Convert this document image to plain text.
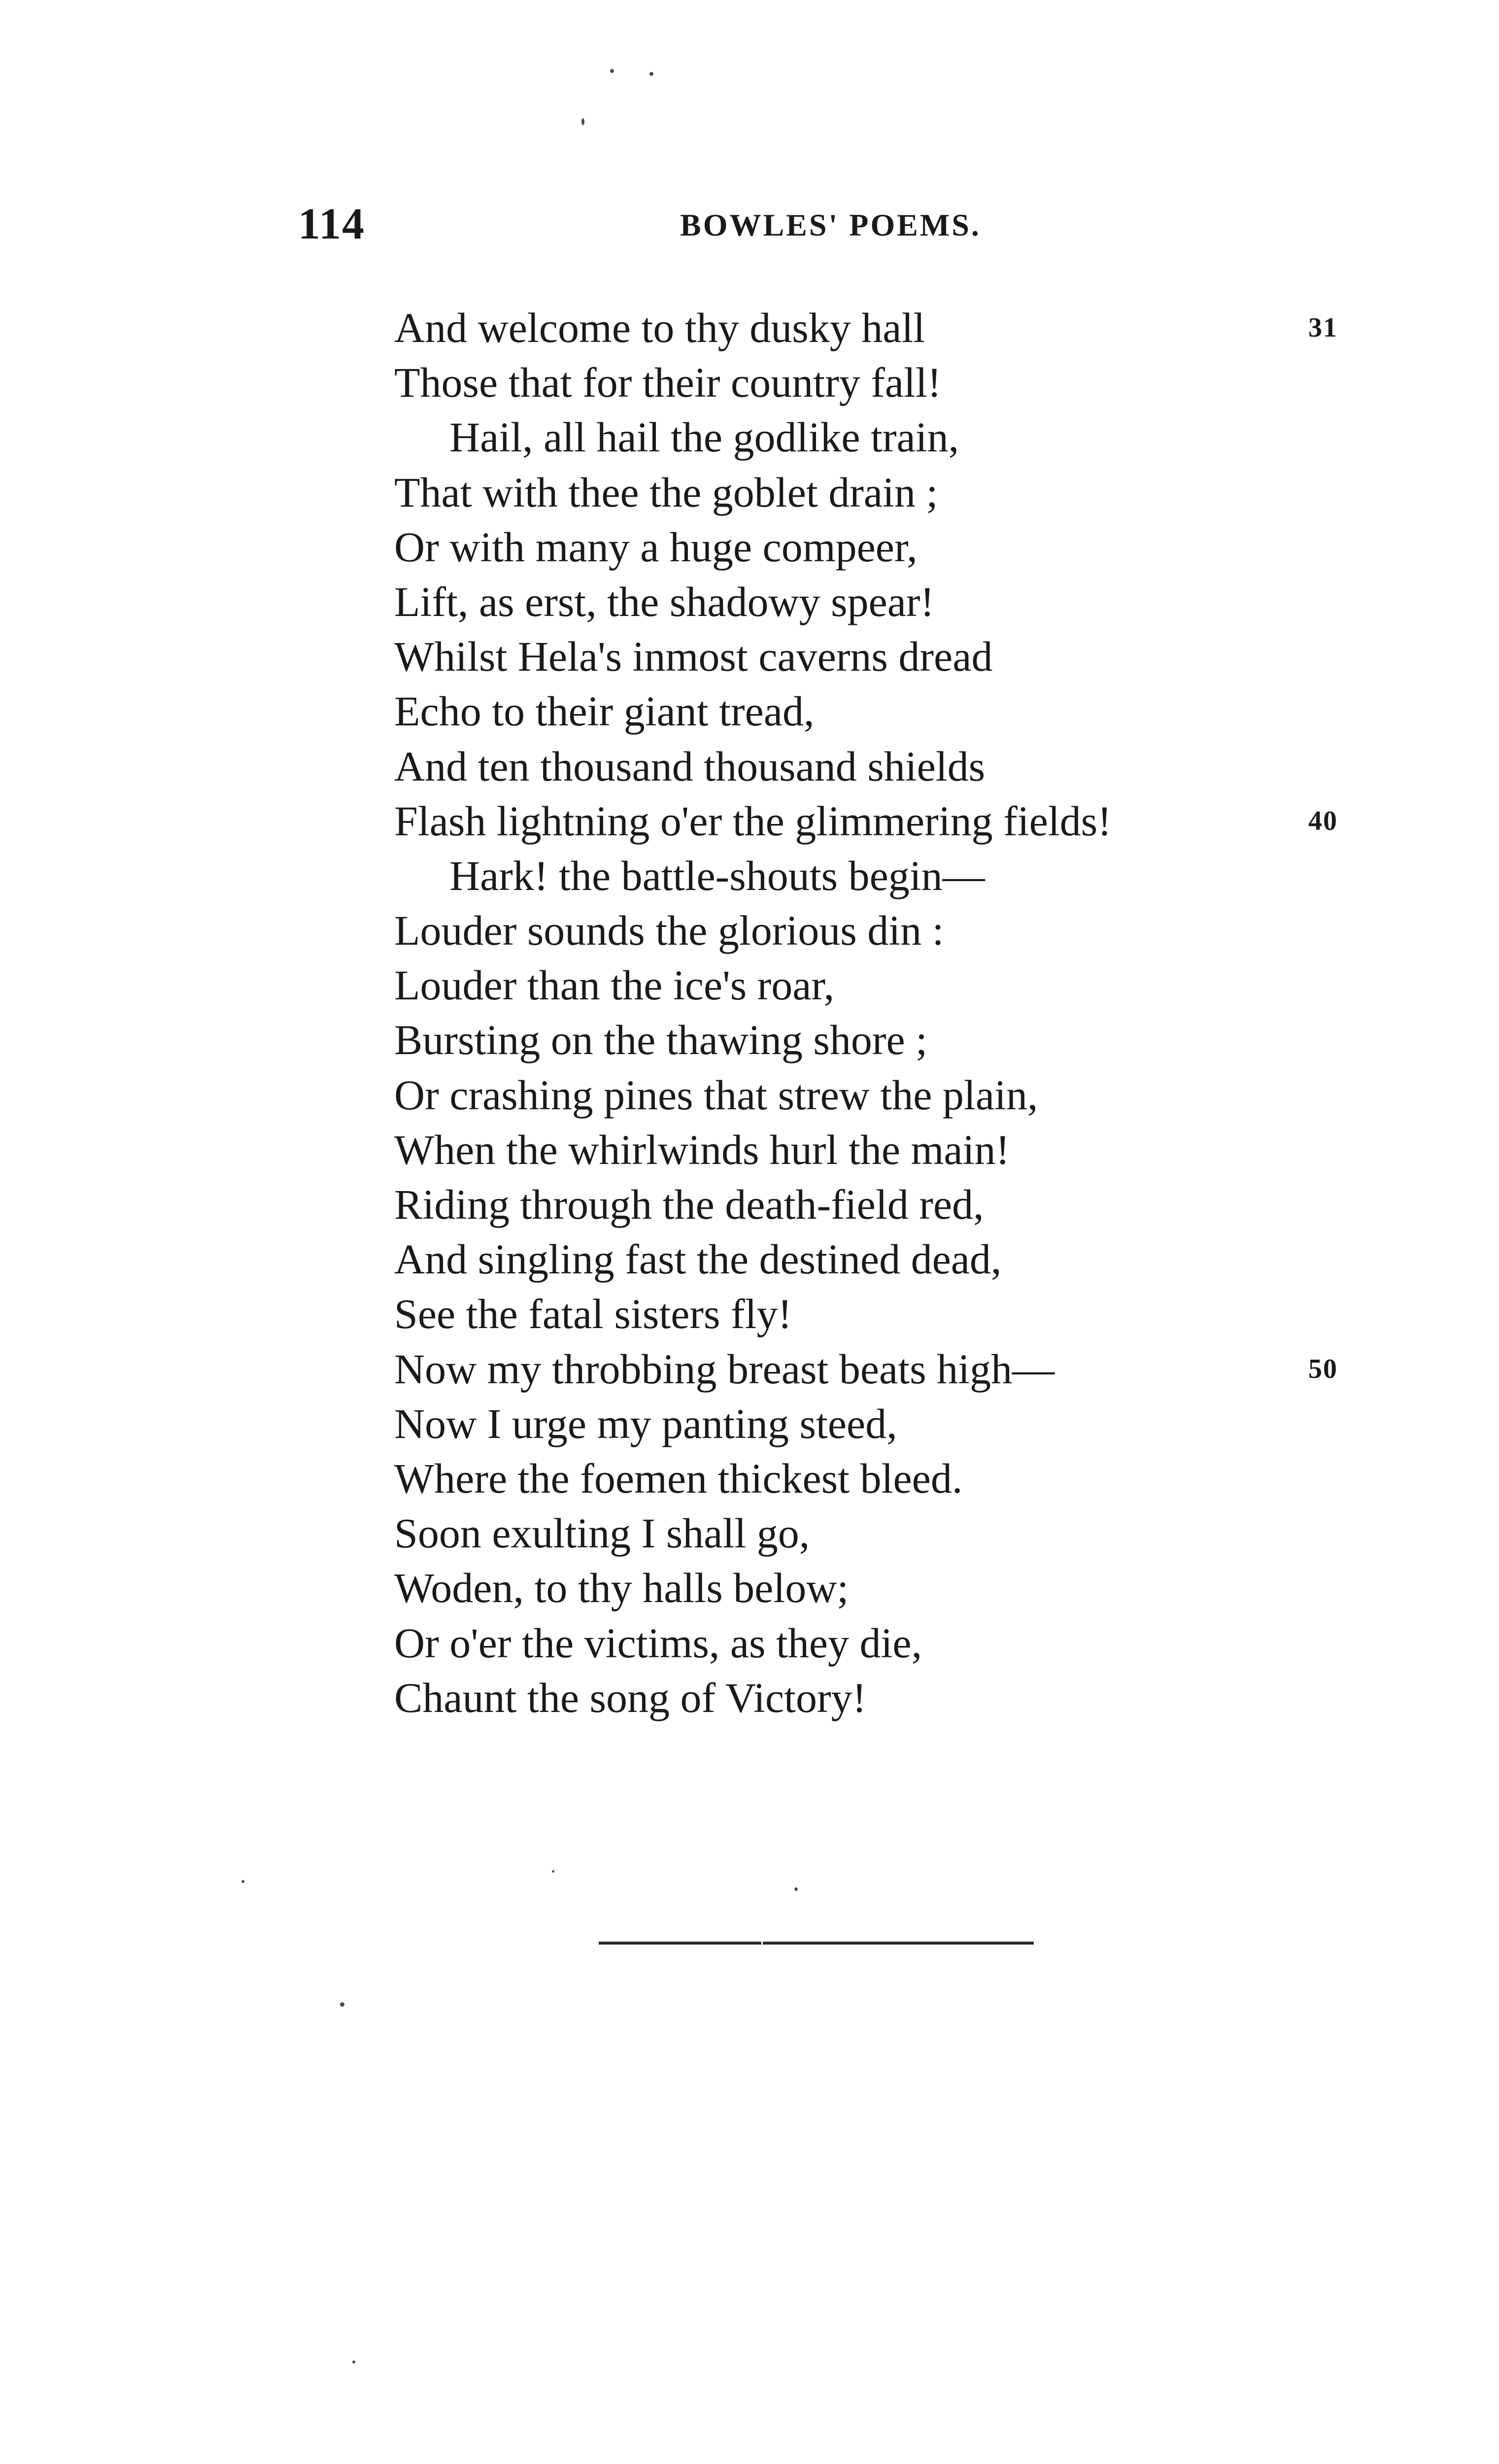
114	BOWLES' POEMS.
And welcome to thy dusky hall	31
Those that for their country fall!
Hail, all hail the godlike train,
That with thee the goblet drain ;
Or with many a huge compeer,
Lift, as erst, the shadowy spear!
Whilst Hela's inmost caverns dread
Echo to their giant tread,
And ten thousand thousand shields
Flash lightning o'er the glimmering fields!	40
Hark! the battle-shouts begin—
Louder sounds the glorious din :
Louder than the ice's roar,
Bursting on the thawing shore ;
Or crashing pines that strew the plain,
When the whirlwinds hurl the main!
Riding through the death-field red,
And singling fast the destined dead,
See the fatal sisters fly!
Now my throbbing breast beats high—	50
Now I urge my panting steed,
Where the foemen thickest bleed.
Soon exulting I shall go,
Woden, to thy halls below;
Or o'er the victims, as they die,
Chaunt the song of Victory!
